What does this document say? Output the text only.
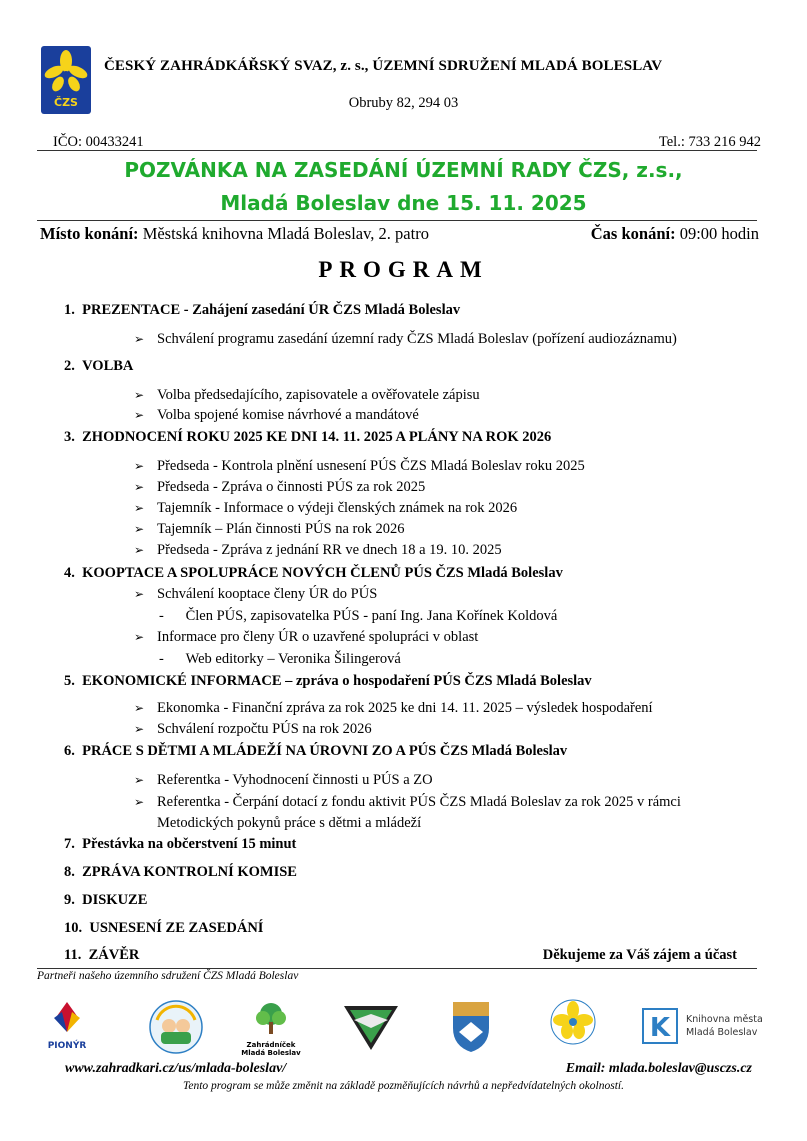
ČZS
ČESKÝ ZAHRÁDKÁŘSKÝ SVAZ, z. s., ÚZEMNÍ SDRUŽENÍ MLADÁ BOLESLAV
Obruby 82, 294 03
IČO: 00433241	Tel.: 733 216 942
POZVÁNKA NA ZASEDÁNÍ ÚZEMNÍ RADY ČZS, z.s.,
Mladá Boleslav dne 15. 11. 2025
Místo konání: Městská knihovna Mladá Boleslav, 2. patro	Čas konání: 09:00 hodin
PROGRAM
1. PREZENTACE - Zahájení zasedání ÚR ČZS Mladá Boleslav
➢ Schválení programu zasedání územní rady ČZS Mladá Boleslav (pořízení audiozáznamu)
2. VOLBA
➢ Volba předsedajícího, zapisovatele a ověřovatele zápisu
➢ Volba spojené komise návrhové a mandátové
3. ZHODNOCENÍ ROKU 2025 KE DNI 14. 11. 2025 A PLÁNY NA ROK 2026
➢ Předseda - Kontrola plnění usnesení PÚS ČZS Mladá Boleslav roku 2025
➢ Předseda - Zpráva o činnosti PÚS za rok 2025
➢ Tajemník - Informace o výdeji členských známek na rok 2026
➢ Tajemník – Plán činnosti PÚS na rok 2026
➢ Předseda - Zpráva z jednání RR ve dnech 18 a 19. 10. 2025
4. KOOPTACE A SPOLUPRÁCE NOVÝCH ČLENŮ PÚS ČZS Mladá Boleslav
➢ Schválení kooptace členy ÚR do PÚS
-      Člen PÚS, zapisovatelka PÚS - paní Ing. Jana Kořínek Koldová
➢ Informace pro členy ÚR o uzavřené spolupráci v oblast
-      Web editorky – Veronika Šilingerová
5. EKONOMICKÉ INFORMACE – zpráva o hospodaření PÚS ČZS Mladá Boleslav
➢ Ekonomka - Finanční zpráva za rok 2025 ke dni 14. 11. 2025 – výsledek hospodaření
➢ Schválení rozpočtu PÚS na rok 2026
6. PRÁCE S DĚTMI A MLÁDEŽÍ NA ÚROVNI ZO A PÚS ČZS Mladá Boleslav
➢ Referentka - Vyhodnocení činnosti u PÚS a ZO
➢ Referentka - Čerpání dotací z fondu aktivit PÚS ČZS Mladá Boleslav za rok 2025 v rámci
Metodických pokynů práce s dětmi a mládeží
7. Přestávka na občerstvení 15 minut
8. ZPRÁVA KONTROLNÍ KOMISE
9. DISKUZE
10. USNESENÍ ZE ZASEDÁNÍ
11. ZÁVĚR	Děkujeme za Váš zájem a účast
Partneři našeho územního sdružení ČZS Mladá Boleslav
PIONÝR	Zahrádníček
Mladá Boleslav
K	Knihovna města
Mladá Boleslav
www.zahradkari.cz/us/mlada-boleslav/	Email: mlada.boleslav@usczs.cz
Tento program se může změnit na základě pozměňujících návrhů a nepředvídatelných okolností.
